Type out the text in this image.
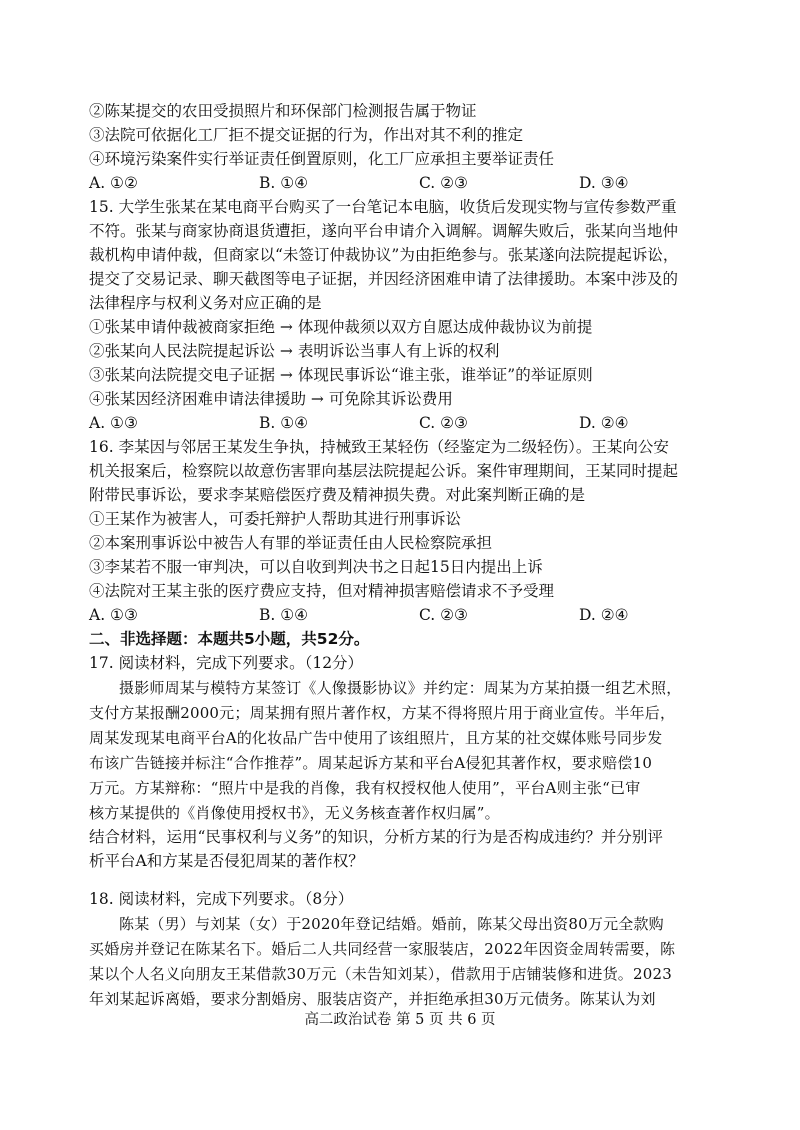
②陈某提交的农田受损照片和环保部门检测报告属于物证
③法院可依据化工厂拒不提交证据的行为，作出对其不利的推定
④环境污染案件实行举证责任倒置原则，化工厂应承担主要举证责任
A. ①②	B. ①④	C. ②③	D. ③④
15. 大学生张某在某电商平台购买了一台笔记本电脑，收货后发现实物与宣传参数严重
不符。张某与商家协商退货遭拒，遂向平台申请介入调解。调解失败后，张某向当地仲
裁机构申请仲裁，但商家以“未签订仲裁协议”为由拒绝参与。张某遂向法院提起诉讼，
提交了交易记录、聊天截图等电子证据，并因经济困难申请了法律援助。本案中涉及的
法律程序与权利义务对应正确的是
①张某申请仲裁被商家拒绝 → 体现仲裁须以双方自愿达成仲裁协议为前提
②张某向人民法院提起诉讼 → 表明诉讼当事人有上诉的权利
③张某向法院提交电子证据 → 体现民事诉讼“谁主张，谁举证”的举证原则
④张某因经济困难申请法律援助 → 可免除其诉讼费用
A. ①③	B. ①④	C. ②③	D. ②④
16. 李某因与邻居王某发生争执，持械致王某轻伤（经鉴定为二级轻伤）。王某向公安
机关报案后，检察院以故意伤害罪向基层法院提起公诉。案件审理期间，王某同时提起
附带民事诉讼，要求李某赔偿医疗费及精神损失费。对此案判断正确的是
①王某作为被害人，可委托辩护人帮助其进行刑事诉讼
②本案刑事诉讼中被告人有罪的举证责任由人民检察院承担
③李某若不服一审判决，可以自收到判决书之日起15日内提出上诉
④法院对王某主张的医疗费应支持，但对精神损害赔偿请求不予受理
A. ①③	B. ①④	C. ②③	D. ②④
二、非选择题：本题共5小题，共52分。
17. 阅读材料，完成下列要求。（12分）
摄影师周某与模特方某签订《人像摄影协议》并约定：周某为方某拍摄一组艺术照，
支付方某报酬2000元；周某拥有照片著作权，方某不得将照片用于商业宣传。半年后，
周某发现某电商平台A的化妆品广告中使用了该组照片，且方某的社交媒体账号同步发
布该广告链接并标注“合作推荐”。周某起诉方某和平台A侵犯其著作权，要求赔偿10
万元。方某辩称：“照片中是我的肖像，我有权授权他人使用”，平台A则主张“已审
核方某提供的《肖像使用授权书》，无义务核查著作权归属”。
结合材料，运用“民事权利与义务”的知识，分析方某的行为是否构成违约？并分别评
析平台A和方某是否侵犯周某的著作权？
18. 阅读材料，完成下列要求。（8分）
陈某（男）与刘某（女）于2020年登记结婚。婚前，陈某父母出资80万元全款购
买婚房并登记在陈某名下。婚后二人共同经营一家服装店，2022年因资金周转需要，陈
某以个人名义向朋友王某借款30万元（未告知刘某），借款用于店铺装修和进货。2023
年刘某起诉离婚，要求分割婚房、服装店资产，并拒绝承担30万元债务。陈某认为刘
高二政治试卷 第 5 页 共 6 页
